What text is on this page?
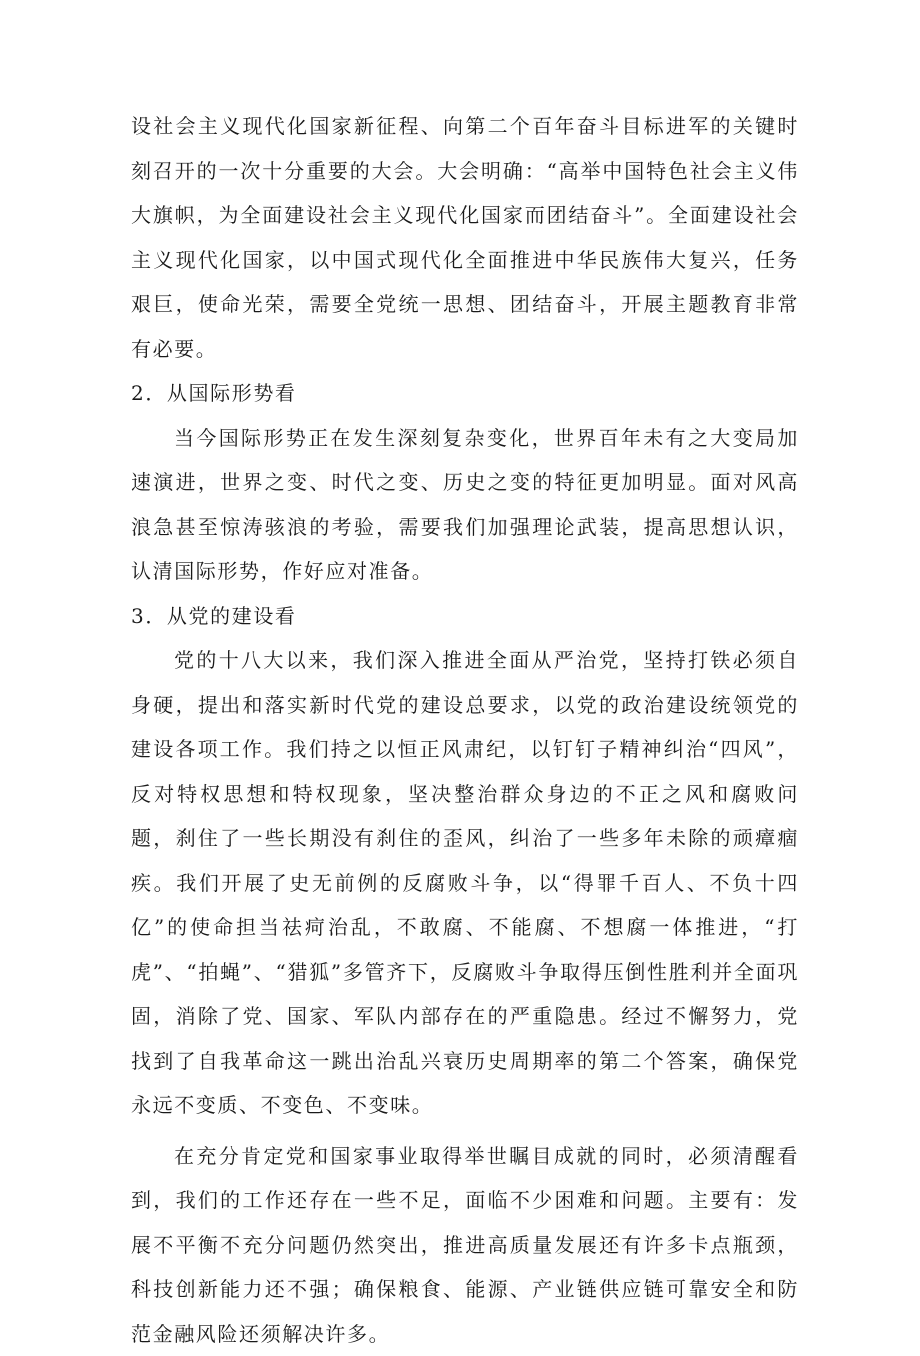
设社会主义现代化国家新征程、向第二个百年奋斗目标进军的关键时刻召开的一次十分重要的大会。大会明确：“高举中国特色社会主义伟大旗帜，为全面建设社会主义现代化国家而团结奋斗”。全面建设社会主义现代化国家，以中国式现代化全面推进中华民族伟大复兴，任务艰巨，使命光荣，需要全党统一思想、团结奋斗，开展主题教育非常有必要。

2．从国际形势看

当今国际形势正在发生深刻复杂变化，世界百年未有之大变局加速演进，世界之变、时代之变、历史之变的特征更加明显。面对风高浪急甚至惊涛骇浪的考验，需要我们加强理论武装，提高思想认识，认清国际形势，作好应对准备。

3．从党的建设看

党的十八大以来，我们深入推进全面从严治党，坚持打铁必须自身硬，提出和落实新时代党的建设总要求，以党的政治建设统领党的建设各项工作。我们持之以恒正风肃纪，以钉钉子精神纠治“四风”，反对特权思想和特权现象，坚决整治群众身边的不正之风和腐败问题，刹住了一些长期没有刹住的歪风，纠治了一些多年未除的顽瘴痼疾。我们开展了史无前例的反腐败斗争，以“得罪千百人、不负十四亿”的使命担当祛疴治乱，不敢腐、不能腐、不想腐一体推进，“打虎”、“拍蝇”、“猎狐”多管齐下，反腐败斗争取得压倒性胜利并全面巩固，消除了党、国家、军队内部存在的严重隐患。经过不懈努力，党找到了自我革命这一跳出治乱兴衰历史周期率的第二个答案，确保党永远不变质、不变色、不变味。

在充分肯定党和国家事业取得举世瞩目成就的同时，必须清醒看到，我们的工作还存在一些不足，面临不少困难和问题。主要有：发展不平衡不充分问题仍然突出，推进高质量发展还有许多卡点瓶颈，科技创新能力还不强；确保粮食、能源、产业链供应链可靠安全和防范金融风险还须解决许多。
